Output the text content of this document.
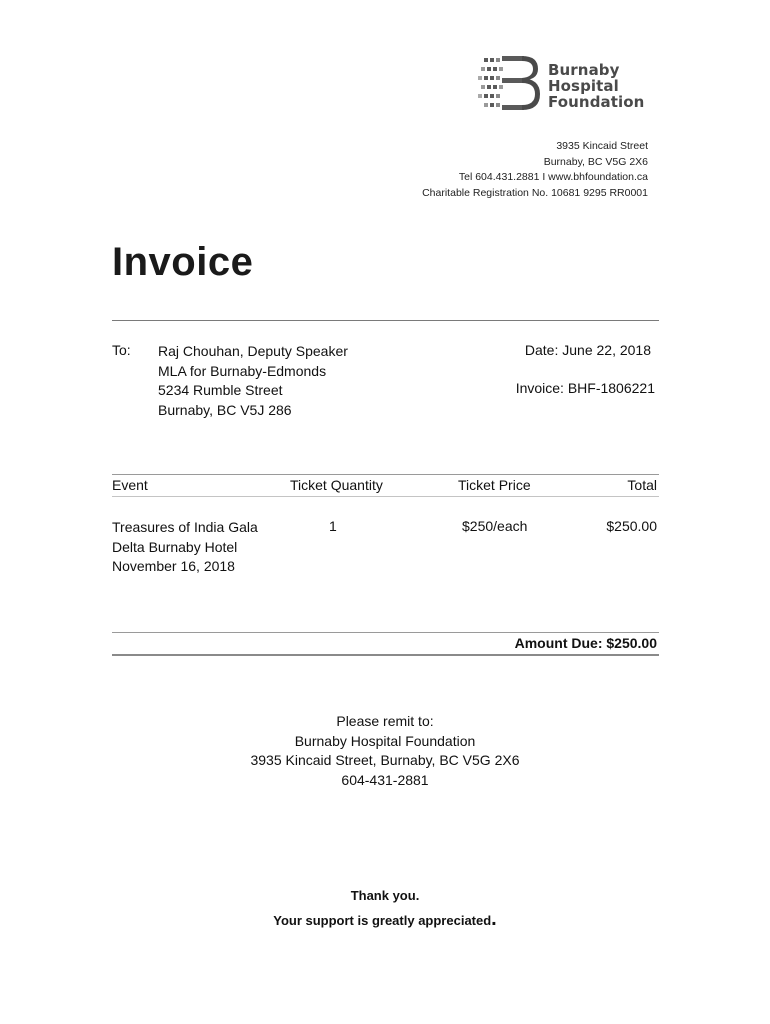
Burnaby
Hospital
Foundation
3935 Kincaid Street
Burnaby, BC V5G 2X6
Tel 604.431.2881 I www.bhfoundation.ca
Charitable Registration No. 10681 9295 RR0001
Invoice
To: Raj Chouhan, Deputy Speaker
MLA for Burnaby-Edmonds
5234 Rumble Street
Burnaby, BC V5J 286
Date: June 22, 2018
Invoice: BHF-1806221
Event	Ticket Quantity	Ticket Price	Total
Treasures of India Gala
Delta Burnaby Hotel
November 16, 2018
1	$250/each	$250.00
Amount Due: $250.00
Please remit to:
Burnaby Hospital Foundation
3935 Kincaid Street, Burnaby, BC V5G 2X6
604-431-2881
Thank you.
Your support is greatly appreciated.
